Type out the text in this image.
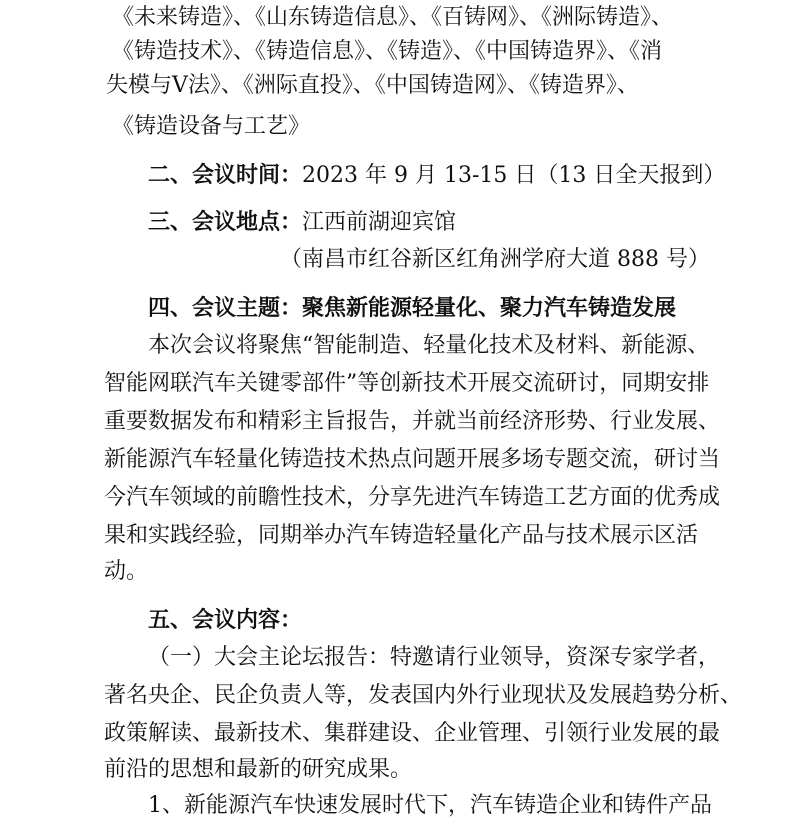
《未来铸造》、《山东铸造信息》、《百铸网》、《洲际铸造》、
《铸造技术》、《铸造信息》、《铸造》、《中国铸造界》、《消
失模与V法》、《洲际直投》、《中国铸造网》、《铸造界》、
《铸造设备与工艺》
二、会议时间：2023 年 9 月 13-15 日（13 日全天报到）
三、会议地点：江西前湖迎宾馆
（南昌市红谷新区红角洲学府大道 888 号）
四、会议主题：聚焦新能源轻量化、聚力汽车铸造发展
本次会议将聚焦“智能制造、轻量化技术及材料、新能源、
智能网联汽车关键零部件”等创新技术开展交流研讨，同期安排
重要数据发布和精彩主旨报告，并就当前经济形势、行业发展、
新能源汽车轻量化铸造技术热点问题开展多场专题交流，研讨当
今汽车领域的前瞻性技术，分享先进汽车铸造工艺方面的优秀成
果和实践经验，同期举办汽车铸造轻量化产品与技术展示区活
动。
五、会议内容：
（一）大会主论坛报告：特邀请行业领导，资深专家学者，
著名央企、民企负责人等，发表国内外行业现状及发展趋势分析、
政策解读、最新技术、集群建设、企业管理、引领行业发展的最
前沿的思想和最新的研究成果。
1、新能源汽车快速发展时代下，汽车铸造企业和铸件产品
